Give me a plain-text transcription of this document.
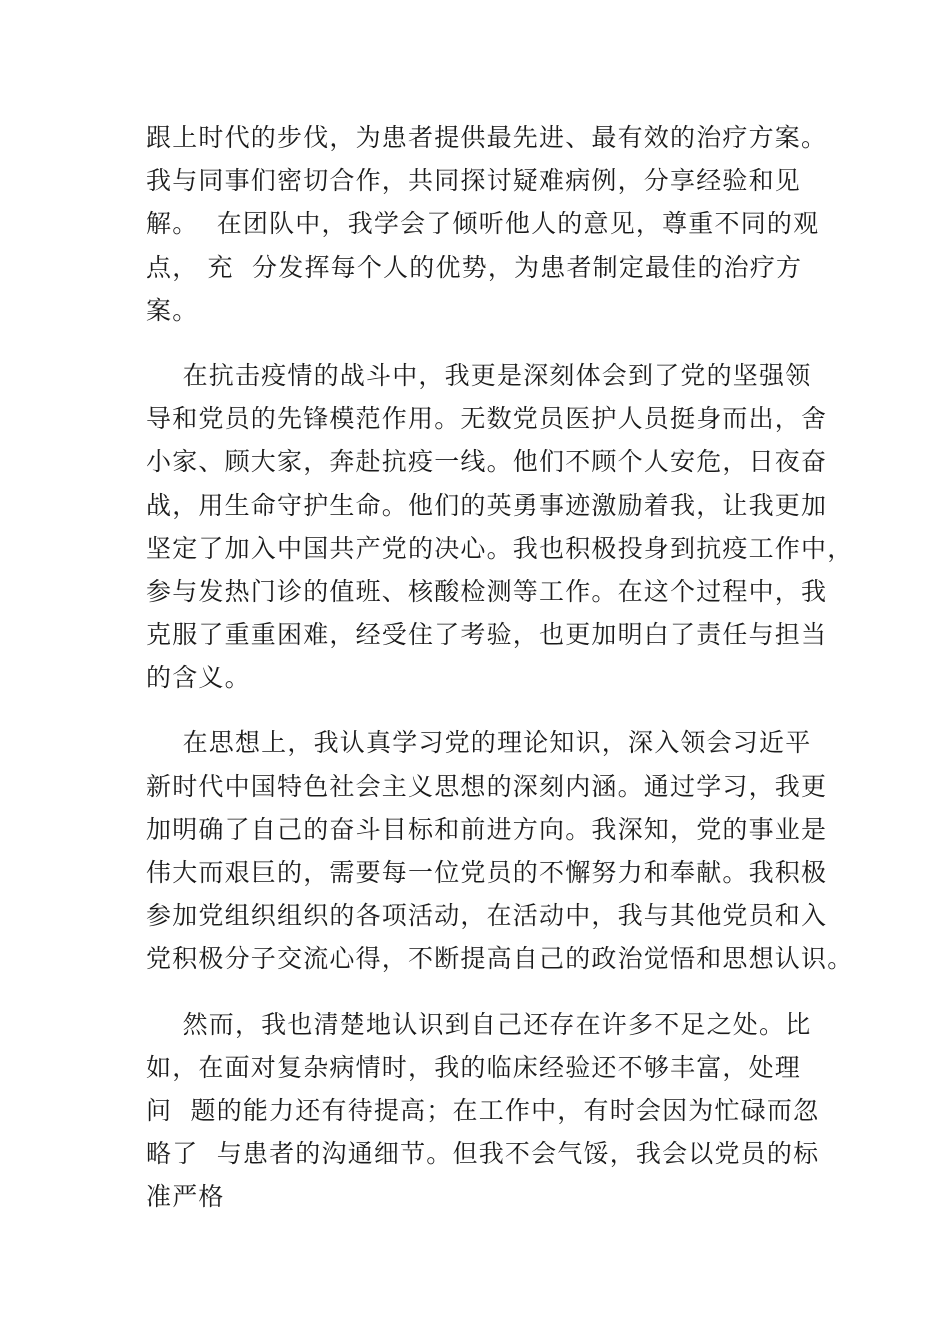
跟上时代的步伐，为患者提供最先进、最有效的治疗方案。
我与同事们密切合作，共同探讨疑难病例，分享经验和见
解。  在团队中，我学会了倾听他人的意见，尊重不同的观
点， 充  分发挥每个人的优势，为患者制定最佳的治疗方
案。

在抗击疫情的战斗中，我更是深刻体会到了党的坚强领
导和党员的先锋模范作用。无数党员医护人员挺身而出，舍
小家、顾大家，奔赴抗疫一线。他们不顾个人安危，日夜奋
战，用生命守护生命。他们的英勇事迹激励着我，让我更加
坚定了加入中国共产党的决心。我也积极投身到抗疫工作中，
参与发热门诊的值班、核酸检测等工作。在这个过程中，我
克服了重重困难，经受住了考验，也更加明白了责任与担当
的含义。

在思想上，我认真学习党的理论知识，深入领会习近平
新时代中国特色社会主义思想的深刻内涵。通过学习，我更
加明确了自己的奋斗目标和前进方向。我深知，党的事业是
伟大而艰巨的，需要每一位党员的不懈努力和奉献。我积极
参加党组织组织的各项活动，在活动中，我与其他党员和入
党积极分子交流心得，不断提高自己的政治觉悟和思想认识。

然而，我也清楚地认识到自己还存在许多不足之处。比
如，在面对复杂病情时，我的临床经验还不够丰富，处理
问  题的能力还有待提高；在工作中，有时会因为忙碌而忽
略了  与患者的沟通细节。但我不会气馁，我会以党员的标
准严格
